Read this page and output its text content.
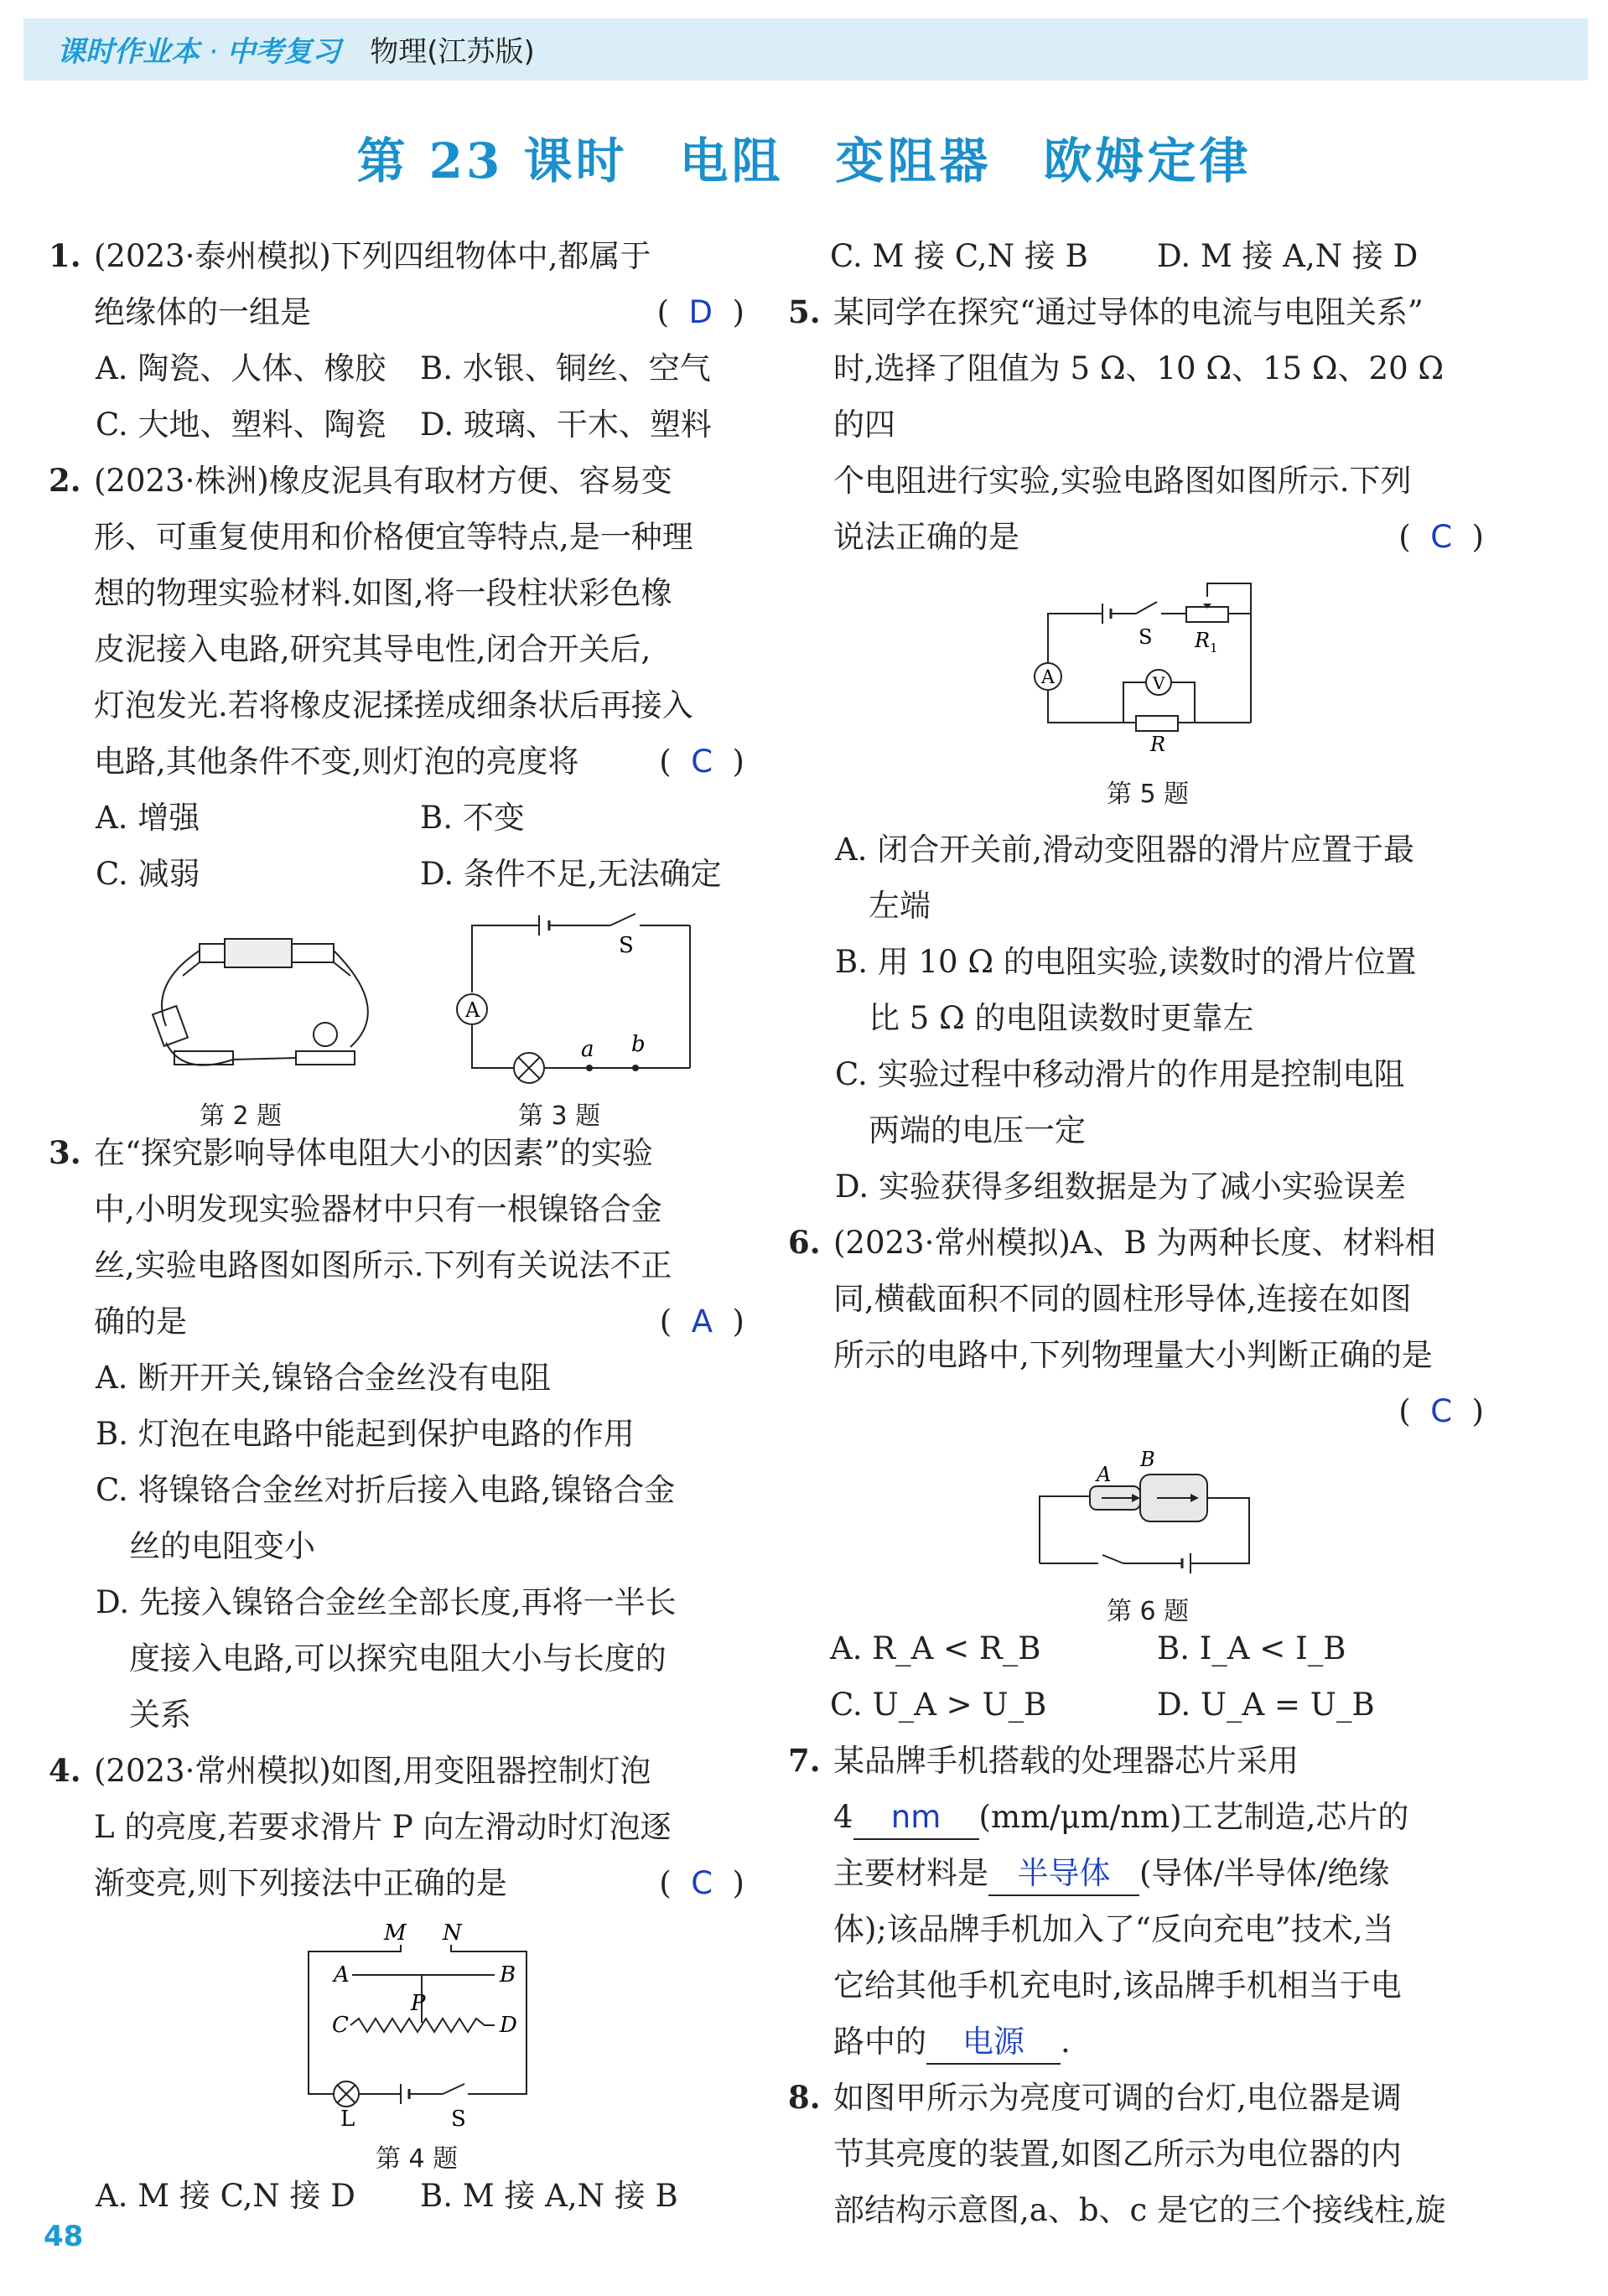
课时作业本 · 中考复习 物理(江苏版)
第 23 课时　电阻　变阻器　欧姆定律
1. (2023·泰州模拟)下列四组物体中,都属于
绝缘体的一组是	(  D  )
A. 陶瓷、人体、橡胶	B. 水银、铜丝、空气
C. 大地、塑料、陶瓷	D. 玻璃、干木、塑料
2. (2023·株洲)橡皮泥具有取材方便、容易变
形、可重复使用和价格便宜等特点,是一种理
想的物理实验材料.如图,将一段柱状彩色橡
皮泥接入电路,研究其导电性,闭合开关后,
灯泡发光.若将橡皮泥揉搓成细条状后再接入
电路,其他条件不变,则灯泡的亮度将	(  C  )
A. 增强	B. 不变
C. 减弱	D. 条件不足,无法确定
S
A
a b
第 2 题	第 3 题
3. 在“探究影响导体电阻大小的因素”的实验
中,小明发现实验器材中只有一根镍铬合金
丝,实验电路图如图所示.下列有关说法不正
确的是	(  A  )
A. 断开开关,镍铬合金丝没有电阻
B. 灯泡在电路中能起到保护电路的作用
C. 将镍铬合金丝对折后接入电路,镍铬合金
丝的电阻变小
D. 先接入镍铬合金丝全部长度,再将一半长
度接入电路,可以探究电阻大小与长度的
关系
4. (2023·常州模拟)如图,用变阻器控制灯泡
L 的亮度,若要求滑片 P 向左滑动时灯泡逐
渐变亮,则下列接法中正确的是	(  C  )
M N
A	B
P
C	D
L	S
第 4 题
A. M 接 C,N 接 D	B. M 接 A,N 接 B
C. M 接 C,N 接 B	D. M 接 A,N 接 D
5. 某同学在探究“通过导体的电流与电阻关系”
时,选择了阻值为 5 Ω、10 Ω、15 Ω、20 Ω 的四
个电阻进行实验,实验电路图如图所示.下列
说法正确的是	(  C  )
S R 1
A
R
V
第 5 题
A. 闭合开关前,滑动变阻器的滑片应置于最
左端
B. 用 10 Ω 的电阻实验,读数时的滑片位置
比 5 Ω 的电阻读数时更靠左
C. 实验过程中移动滑片的作用是控制电阻
两端的电压一定
D. 实验获得多组数据是为了减小实验误差
6. (2023·常州模拟)A、B 为两种长度、材料相
同,横截面积不同的圆柱形导体,连接在如图
所示的电路中,下列物理量大小判断正确的是
(  C  )
B
A
第 6 题
A. R_A < R_B	B. I_A < I_B
C. U_A > U_B	D. U_A = U_B
7. 某品牌手机搭载的处理器芯片采用
4 nm (mm/μm/nm)工艺制造,芯片的
主要材料是 半导体 (导体/半导体/绝缘
体);该品牌手机加入了“反向充电”技术,当
它给其他手机充电时,该品牌手机相当于电
路中的 电源 .
8. 如图甲所示为亮度可调的台灯,电位器是调
节其亮度的装置,如图乙所示为电位器的内
部结构示意图,a、b、c 是它的三个接线柱,旋
48
